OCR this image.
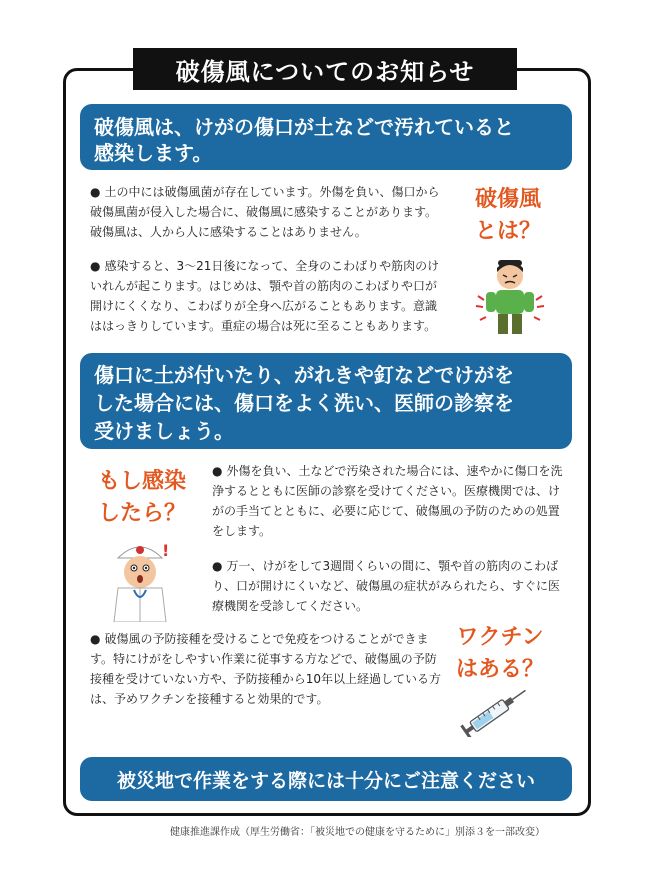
破傷風についてのお知らせ
破傷風は、けがの傷口が土などで汚れていると
感染します。
● 土の中には破傷風菌が存在しています。外傷を負い、傷口から破傷風菌が侵入した場合に、破傷風に感染することがあります。破傷風は、人から人に感染することはありません。
● 感染すると、3～21日後になって、全身のこわばりや筋肉のけいれんが起こります。はじめは、顎や首の筋肉のこわばりや口が開けにくくなり、こわばりが全身へ広がることもあります。意識ははっきりしています。重症の場合は死に至ることもあります。
破傷風
とは？
傷口に土が付いたり、がれきや釘などでけがを
した場合には、傷口をよく洗い、医師の診察を
受けましょう。
もし感染
したら？
!
● 外傷を負い、土などで汚染された場合には、速やかに傷口を洗浄するとともに医師の診察を受けてください。医療機関では、けがの手当てとともに、必要に応じて、破傷風の予防のための処置をします。
● 万一、けがをして3週間くらいの間に、顎や首の筋肉のこわばり、口が開けにくいなど、破傷風の症状がみられたら、すぐに医療機関を受診してください。
● 破傷風の予防接種を受けることで免疫をつけることができます。特にけがをしやすい作業に従事する方などで、破傷風の予防接種を受けていない方や、予防接種から10年以上経過している方は、予めワクチンを接種すると効果的です。
ワクチン
はある？
被災地で作業をする際には十分にご注意ください
健康推進課作成（厚生労働省：「被災地での健康を守るために」別添３を一部改変）
